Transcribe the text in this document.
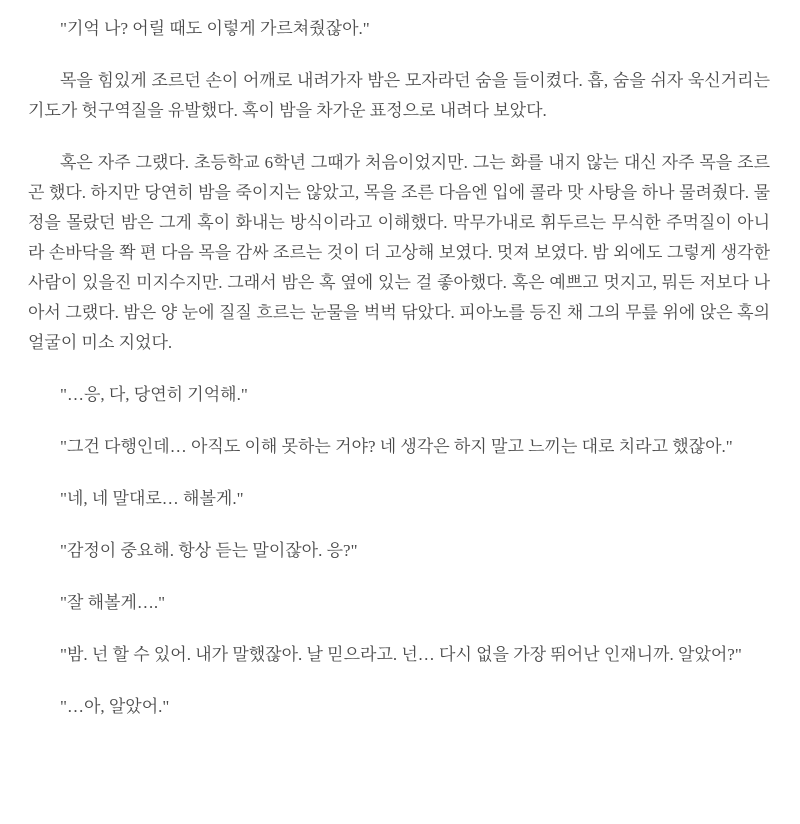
"기억 나? 어릴 때도 이렇게 가르쳐줬잖아."

목을 힘있게 조르던 손이 어깨로 내려가자 밤은 모자라던 숨을 들이켰다. 흡, 숨을 쉬자 욱신거리는 기도가 헛구역질을 유발했다. 혹이 밤을 차가운 표정으로 내려다 보았다.

혹은 자주 그랬다. 초등학교 6학년 그때가 처음이었지만. 그는 화를 내지 않는 대신 자주 목을 조르곤 했다. 하지만 당연히 밤을 죽이지는 않았고, 목을 조른 다음엔 입에 콜라 맛 사탕을 하나 물려줬다. 물정을 몰랐던 밤은 그게 혹이 화내는 방식이라고 이해했다. 막무가내로 휘두르는 무식한 주먹질이 아니라 손바닥을 쫙 편 다음 목을 감싸 조르는 것이 더 고상해 보였다. 멋져 보였다. 밤 외에도 그렇게 생각한 사람이 있을진 미지수지만. 그래서 밤은 혹 옆에 있는 걸 좋아했다. 혹은 예쁘고 멋지고, 뭐든 저보다 나아서 그랬다. 밤은 양 눈에 질질 흐르는 눈물을 벅벅 닦았다. 피아노를 등진 채 그의 무릎 위에 앉은 혹의 얼굴이 미소 지었다.

"…응, 다, 당연히 기억해."

"그건 다행인데… 아직도 이해 못하는 거야? 네 생각은 하지 말고 느끼는 대로 치라고 했잖아."

"네, 네 말대로… 해볼게."

"감정이 중요해. 항상 듣는 말이잖아. 응?"

"잘 해볼게…."

"밤. 넌 할 수 있어. 내가 말했잖아. 날 믿으라고. 넌… 다시 없을 가장 뛰어난 인재니까. 알았어?"

"…아, 알았어."
